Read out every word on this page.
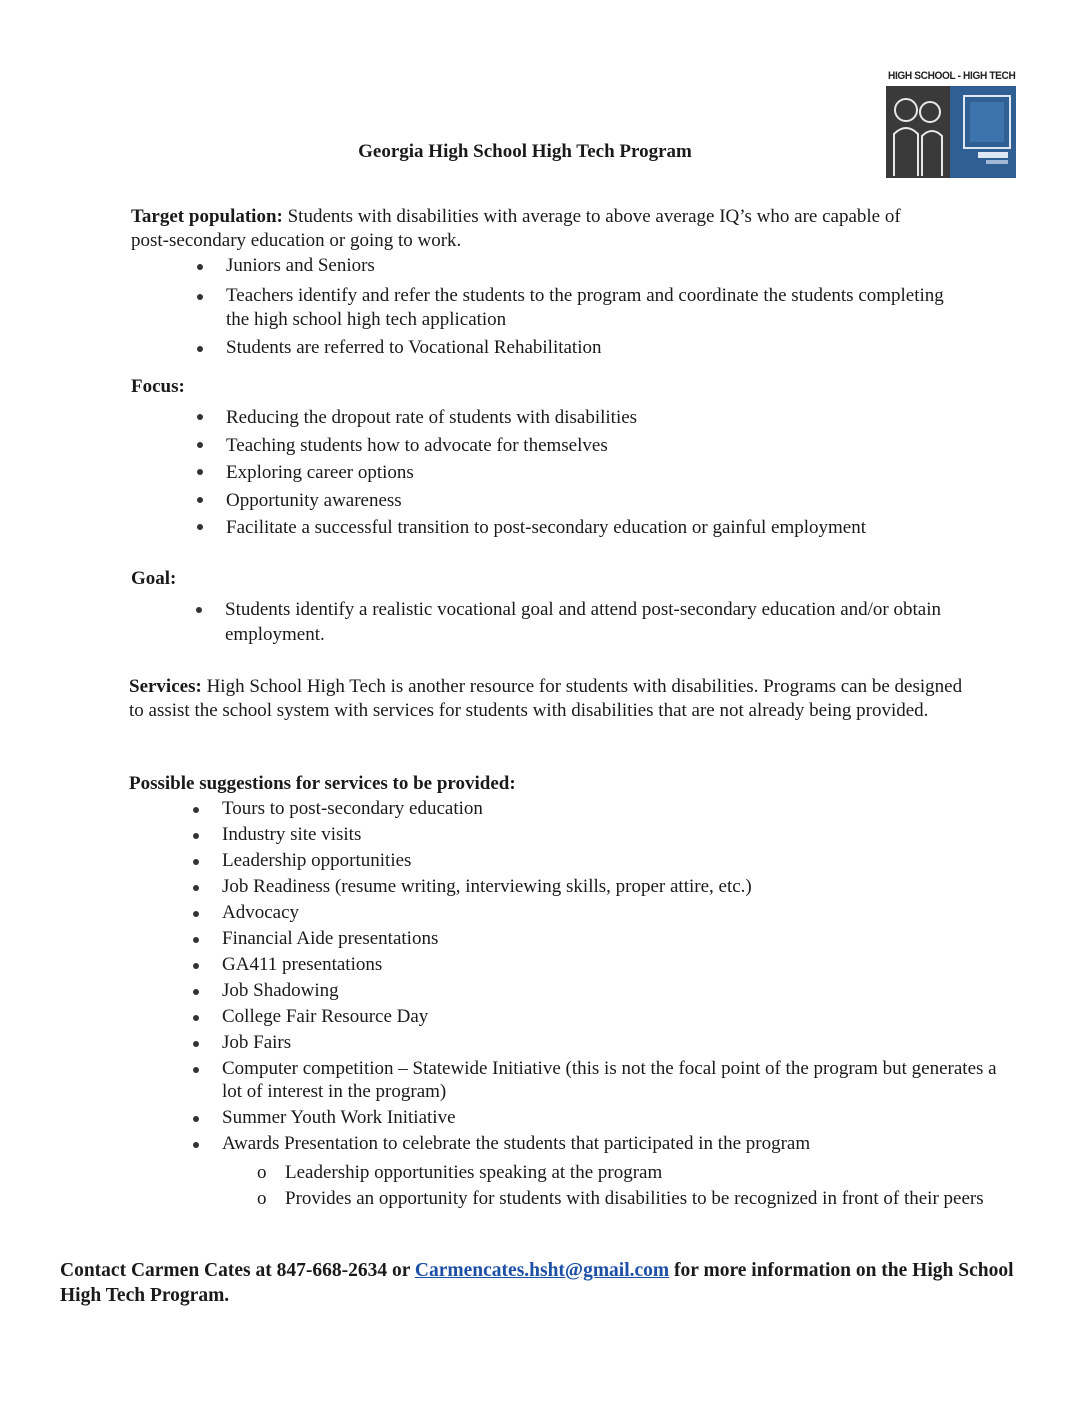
HIGH SCHOOL - HIGH TECH
Georgia High School High Tech Program
Target population: Students with disabilities with average to above average IQ’s who are capable of post-secondary education or going to work.
Juniors and Seniors
Teachers identify and refer the students to the program and coordinate the students completing the high school high tech application
Students are referred to Vocational Rehabilitation
Focus:
Reducing the dropout rate of students with disabilities
Teaching students how to advocate for themselves
Exploring career options
Opportunity awareness
Facilitate a successful transition to post-secondary education or gainful employment
Goal:
Students identify a realistic vocational goal and attend post-secondary education and/or obtain employment.
Services: High School High Tech is another resource for students with disabilities. Programs can be designed to assist the school system with services for students with disabilities that are not already being provided.
Possible suggestions for services to be provided:
Tours to post-secondary education
Industry site visits
Leadership opportunities
Job Readiness (resume writing, interviewing skills, proper attire, etc.)
Advocacy
Financial Aide presentations
GA411 presentations
Job Shadowing
College Fair Resource Day
Job Fairs
Computer competition – Statewide Initiative (this is not the focal point of the program but generates a lot of interest in the program)
Summer Youth Work Initiative
Awards Presentation to celebrate the students that participated in the program
o Leadership opportunities speaking at the program
o Provides an opportunity for students with disabilities to be recognized in front of their peers
Contact Carmen Cates at 847-668-2634 or Carmencates.hsht@gmail.com for more information on the High School High Tech Program.
